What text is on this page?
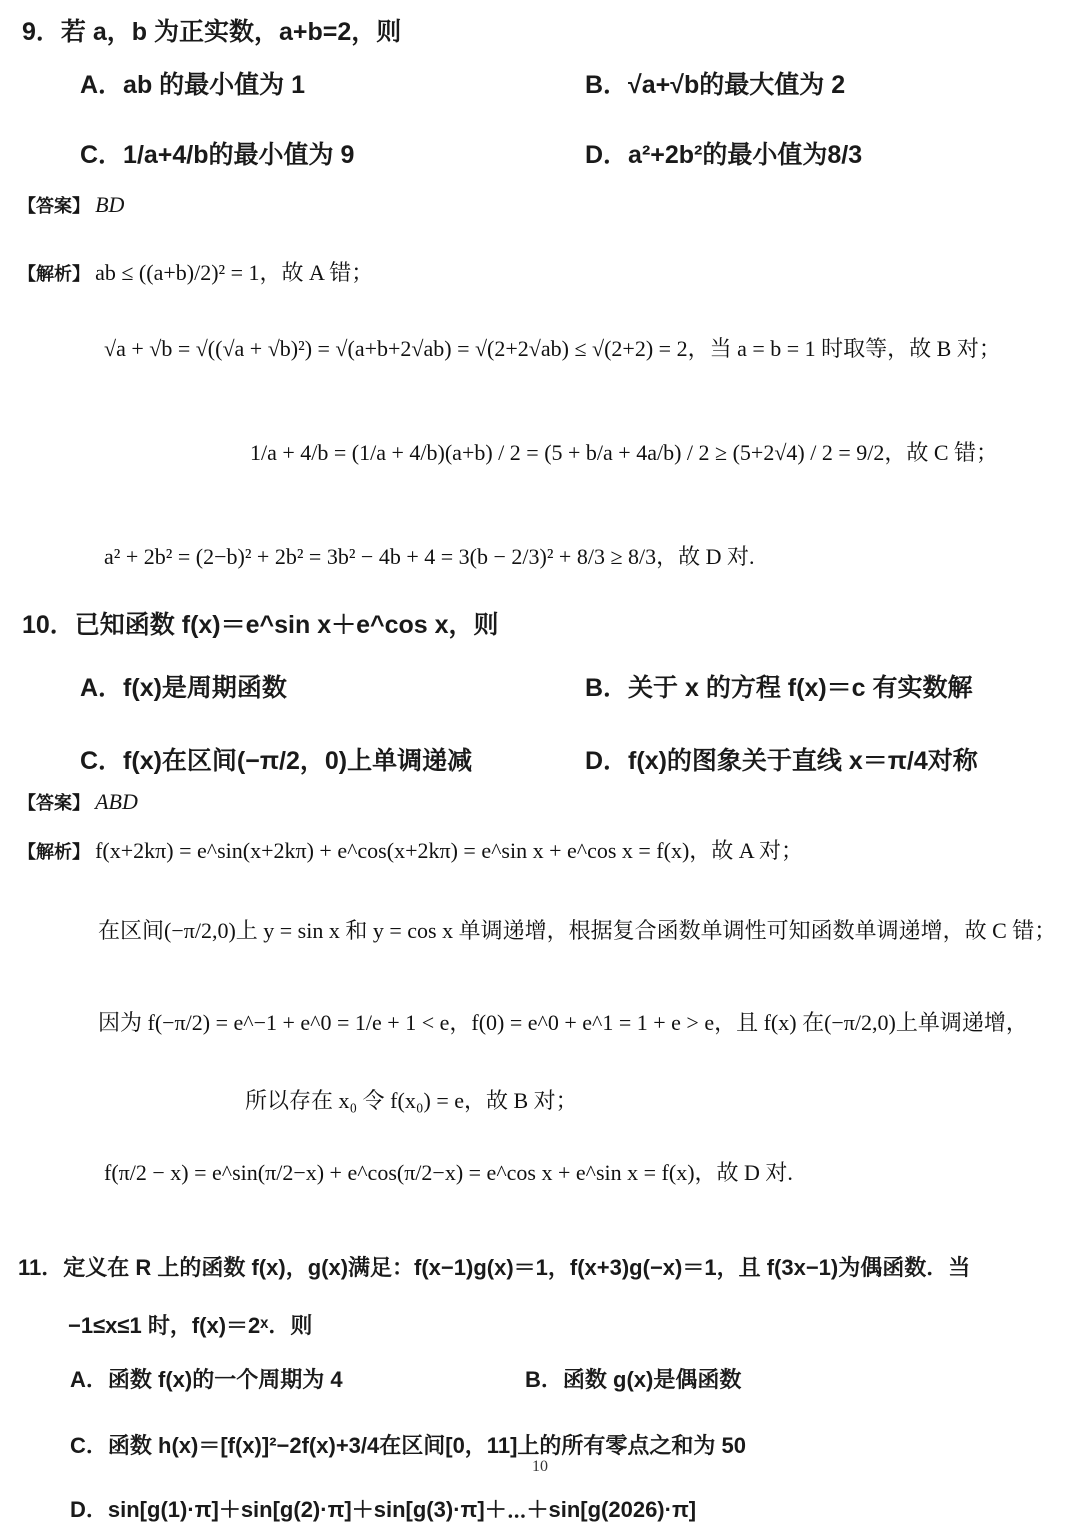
9．若 a，b 为正实数，a+b=2，则
A．ab 的最小值为 1	B．√a+√b的最大值为 2
C．1/a+4/b的最小值为 9	D．a²+2b²的最小值为8/3
【答案】 BD
【解析】 ab ≤ ((a+b)/2)² = 1，故 A 错；
√a + √b = √((√a + √b)²) = √(a+b+2√ab) = √(2+2√ab) ≤ √(2+2) = 2，当 a = b = 1 时取等，故 B 对；
1/a + 4/b = (1/a + 4/b)(a+b) / 2 = (5 + b/a + 4a/b) / 2 ≥ (5+2√4) / 2 = 9/2，故 C 错；
a² + 2b² = (2−b)² + 2b² = 3b² − 4b + 4 = 3(b − 2/3)² + 8/3 ≥ 8/3，故 D 对.
10．已知函数 f(x)＝e^sin x＋e^cos x，则
A．f(x)是周期函数	B．关于 x 的方程 f(x)＝c 有实数解
C．f(x)在区间(−π/2，0)上单调递减	D．f(x)的图象关于直线 x＝π/4对称
【答案】 ABD
【解析】 f(x+2kπ) = e^sin(x+2kπ) + e^cos(x+2kπ) = e^sin x + e^cos x = f(x)，故 A 对；
在区间(−π/2,0)上 y = sin x 和 y = cos x 单调递增，根据复合函数单调性可知函数单调递增，故 C 错；
因为 f(−π/2) = e^−1 + e^0 = 1/e + 1 < e，f(0) = e^0 + e^1 = 1 + e > e，且 f(x) 在(−π/2,0)上单调递增，
所以存在 x₀ 令 f(x₀) = e，故 B 对；
f(π/2 − x) = e^sin(π/2−x) + e^cos(π/2−x) = e^cos x + e^sin x = f(x)，故 D 对.
11．定义在 R 上的函数 f(x)，g(x)满足：f(x−1)g(x)＝1，f(x+3)g(−x)＝1，且 f(3x−1)为偶函数．当
−1≤x≤1 时，f(x)＝2ˣ．则
A．函数 f(x)的一个周期为 4	B．函数 g(x)是偶函数
C．函数 h(x)＝[f(x)]²−2f(x)+3/4在区间[0，11]上的所有零点之和为 50
D．sin[g(1)·π]＋sin[g(2)·π]＋sin[g(3)·π]＋⋯＋sin[g(2026)·π]
10
